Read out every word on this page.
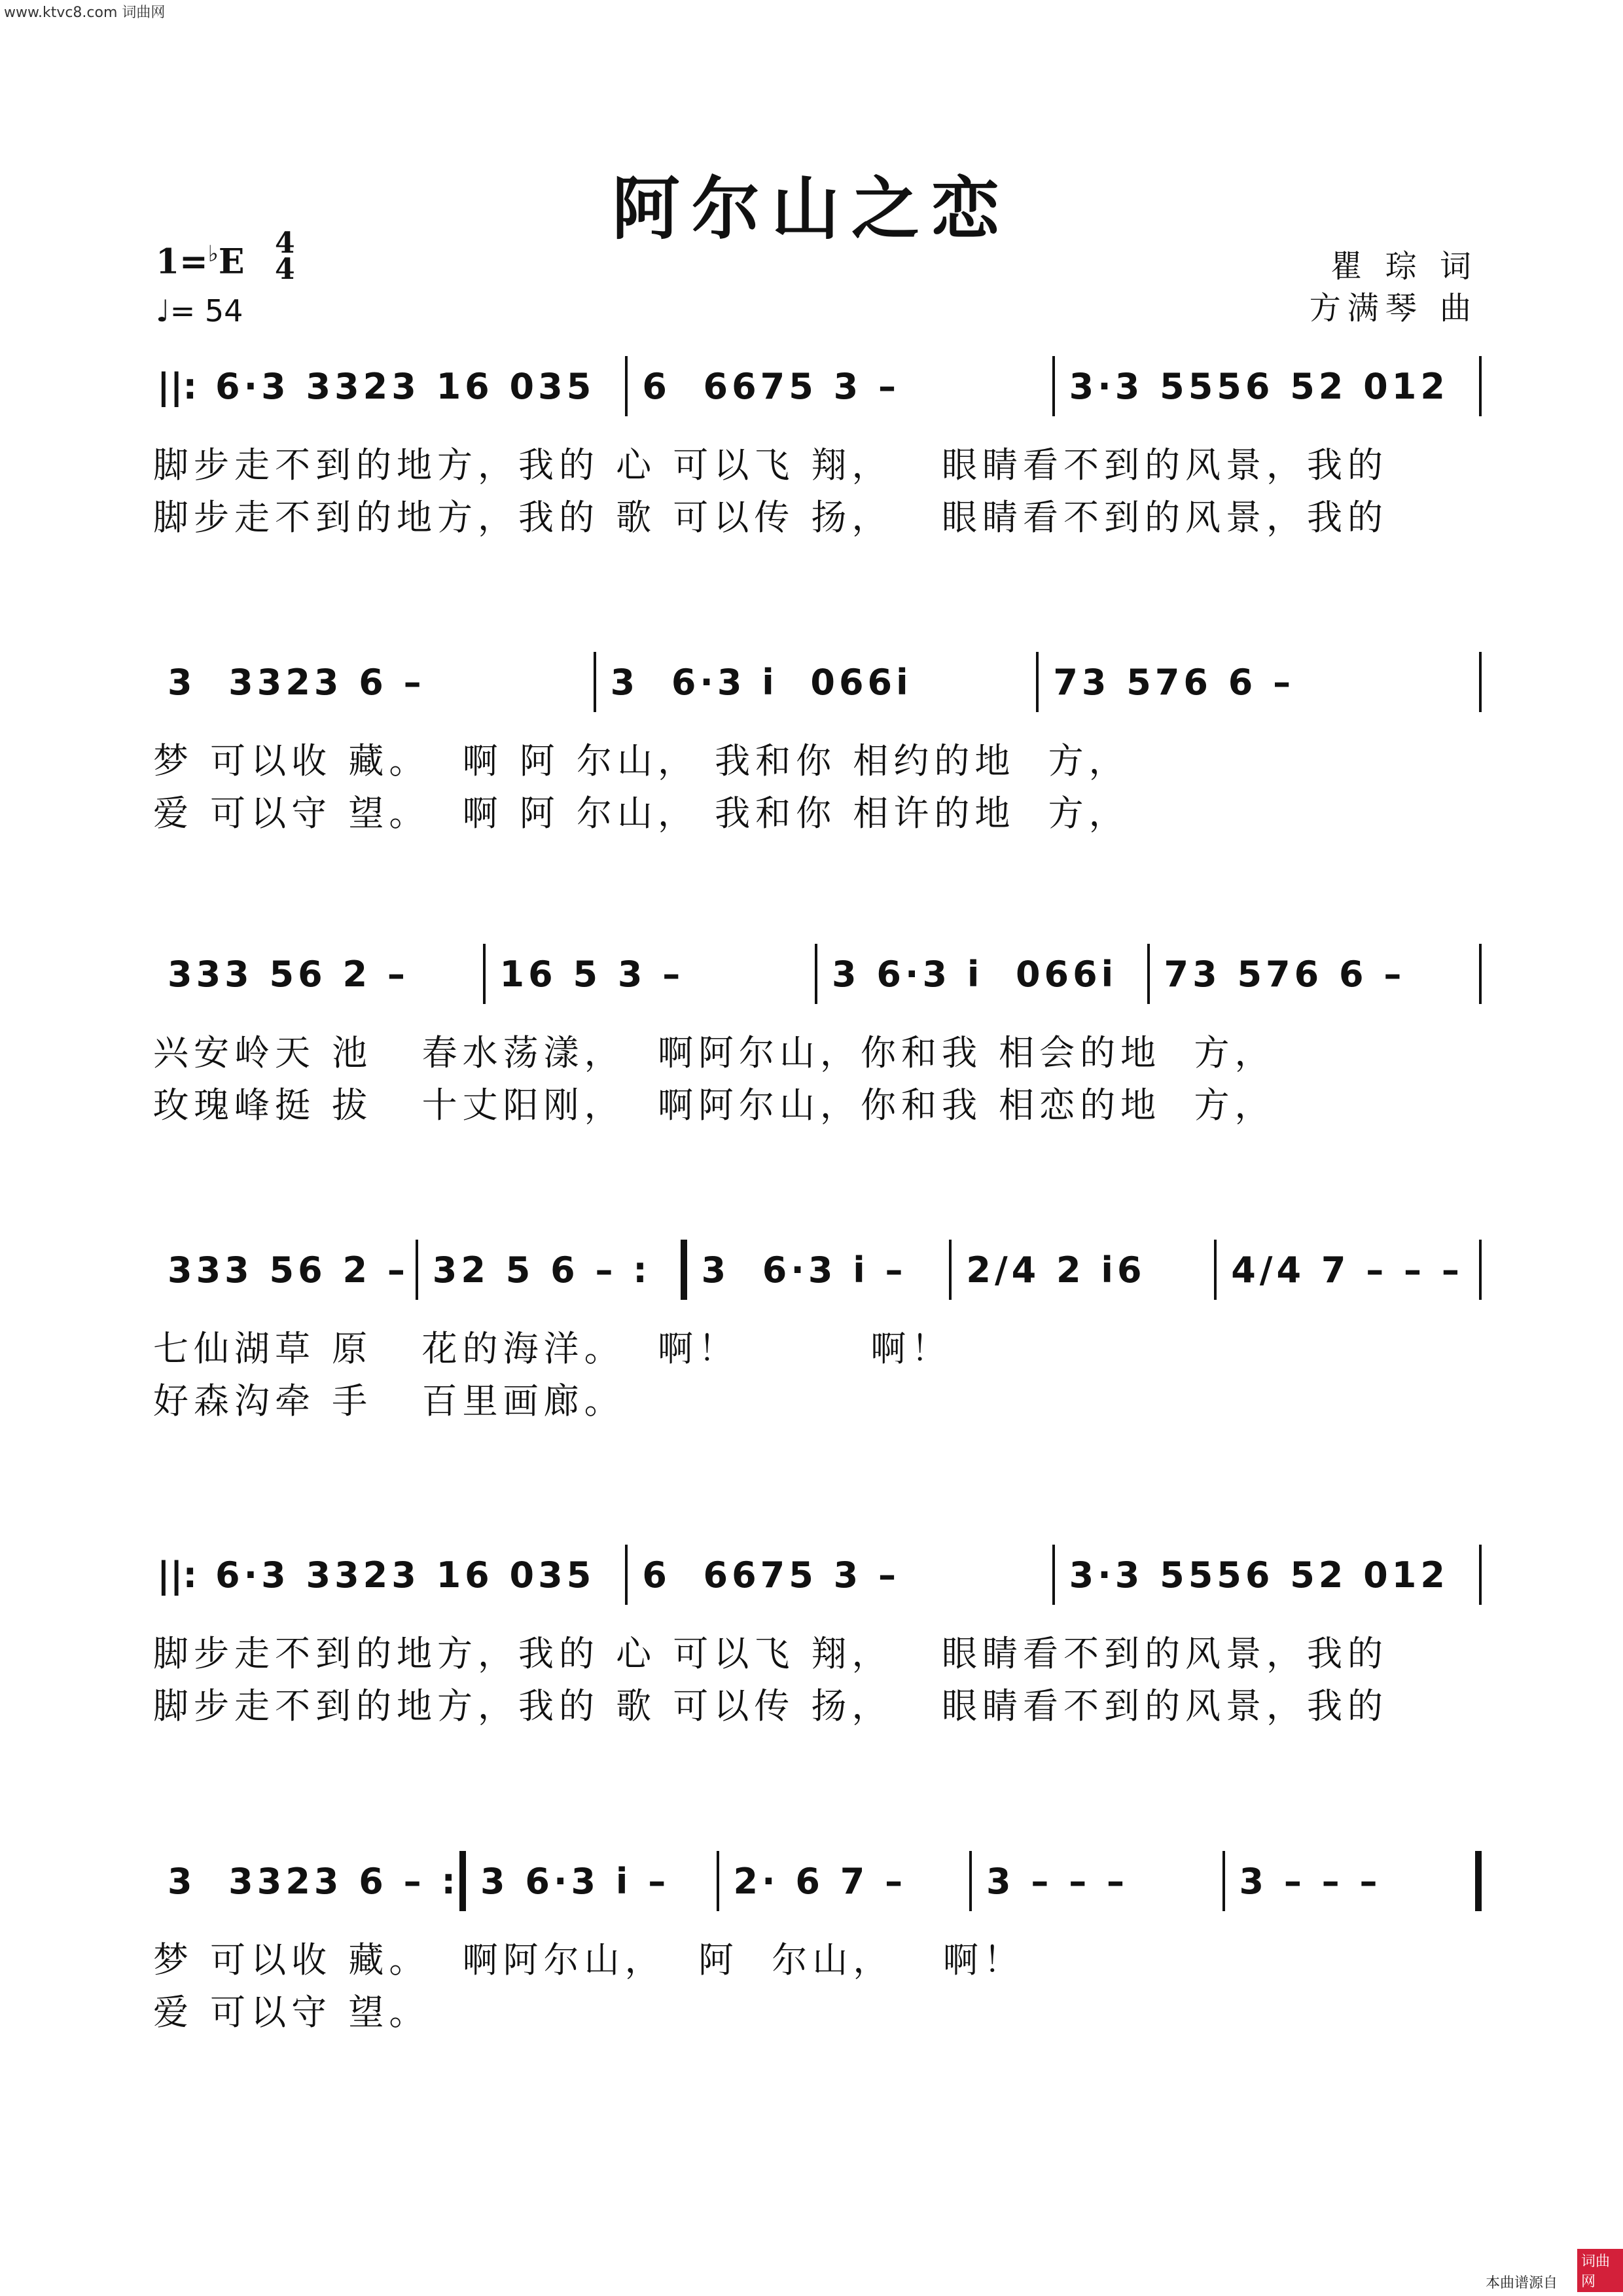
www.ktvc8.com 词曲网
阿尔山之恋
1=♭E 4
4
♩= 54
瞿 琮 词
方满琴 曲
||: 6·3 3323 16 035	6  6675 3 –	3·3 5556 52 012
脚步走不到的地方，我的 心 可以飞 翔，   眼睛看不到的风景，我的
脚步走不到的地方，我的 歌 可以传 扬，   眼睛看不到的风景，我的
3  3323 6 –	3  6·3 i  066i	73 576 6 –
梦 可以收 藏。  啊 阿 尔山， 我和你 相约的地  方，
爱 可以守 望。  啊 阿 尔山， 我和你 相许的地  方，
333 56 2 –	16 5 3 –	3 6·3 i  066i	73 576 6 –
兴安岭天 池   春水荡漾，  啊阿尔山，你和我 相会的地  方，
玫瑰峰挺 拔   十丈阳刚，  啊阿尔山，你和我 相恋的地  方，
333 56 2 – 32 5 6 – :	3  6·3 i –	2/4 2 i6	4/4 7 – – –
七仙湖草 原   花的海洋。  啊！        啊！
好森沟牵 手   百里画廊。
||: 6·3 3323 16 035	6  6675 3 –	3·3 5556 52 012
脚步走不到的地方，我的 心 可以飞 翔，   眼睛看不到的风景，我的
脚步走不到的地方，我的 歌 可以传 扬，   眼睛看不到的风景，我的
3  3323 6 – : 3 6·3 i –	2· 6 7 –	3 – – –	3 – – –
梦 可以收 藏。  啊阿尔山，  阿  尔山，   啊！
爱 可以守 望。
本曲谱源自
词曲网
